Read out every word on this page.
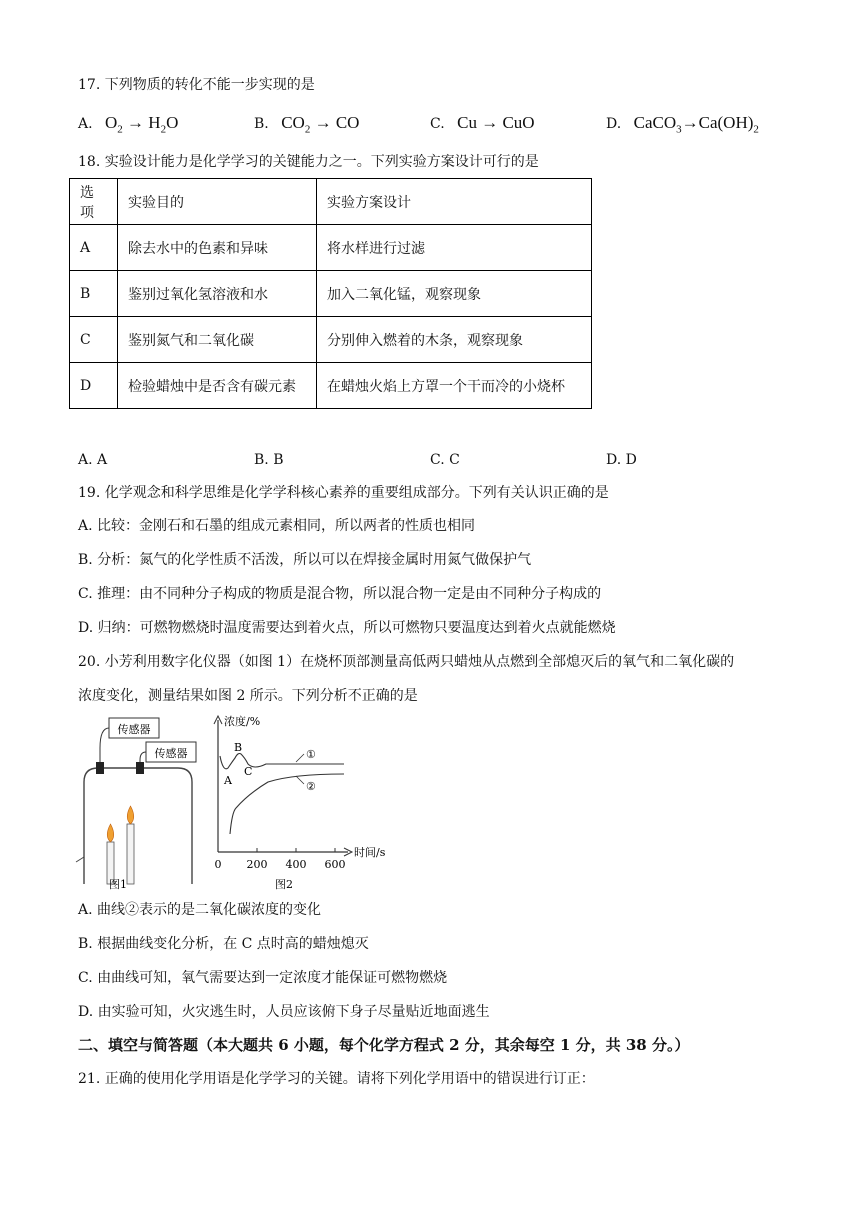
17. 下列物质的转化不能一步实现的是
A. $O_2 \to H_2O$	B. $CO_2$ → CO	C. Cu → CuO	D. $CaCO_3\to Ca(OH)_2$
18. 实验设计能力是化学学习的关键能力之一。下列实验方案设计可行的是
选项	实验目的	实验方案设计
A	除去水中的色素和异味	将水样进行过滤
B	鉴别过氧化氢溶液和水	加入二氧化锰，观察现象
C	鉴别氮气和二氧化碳	分别伸入燃着的木条，观察现象
D	检验蜡烛中是否含有碳元素	在蜡烛火焰上方罩一个干而冷的小烧杯
A. A	B. B	C. C	D. D
19. 化学观念和科学思维是化学学科核心素养的重要组成部分。下列有关认识正确的是
A. 比较：金刚石和石墨的组成元素相同，所以两者的性质也相同
B. 分析：氮气的化学性质不活泼，所以可以在焊接金属时用氮气做保护气
C. 推理：由不同种分子构成的物质是混合物，所以混合物一定是由不同种分子构成的
D. 归纳：可燃物燃烧时温度需要达到着火点，所以可燃物只要温度达到着火点就能燃烧
20. 小芳利用数字化仪器（如图 1）在烧杯顶部测量高低两只蜡烛从点燃到全部熄灭后的氧气和二氧化碳的
浓度变化，测量结果如图 2 所示。下列分析不正确的是
传感器
传感器
图1
浓度/%
时间/s
0 200 400 600
A
B
C
①
②
图2
A. 曲线②表示的是二氧化碳浓度的变化
B. 根据曲线变化分析，在 C 点时高的蜡烛熄灭
C. 由曲线可知，氧气需要达到一定浓度才能保证可燃物燃烧
D. 由实验可知，火灾逃生时，人员应该俯下身子尽量贴近地面逃生
二、填空与简答题（本大题共 6 小题，每个化学方程式 2 分，其余每空 1 分，共 38 分。）
21. 正确的使用化学用语是化学学习的关键。请将下列化学用语中的错误进行订正：
